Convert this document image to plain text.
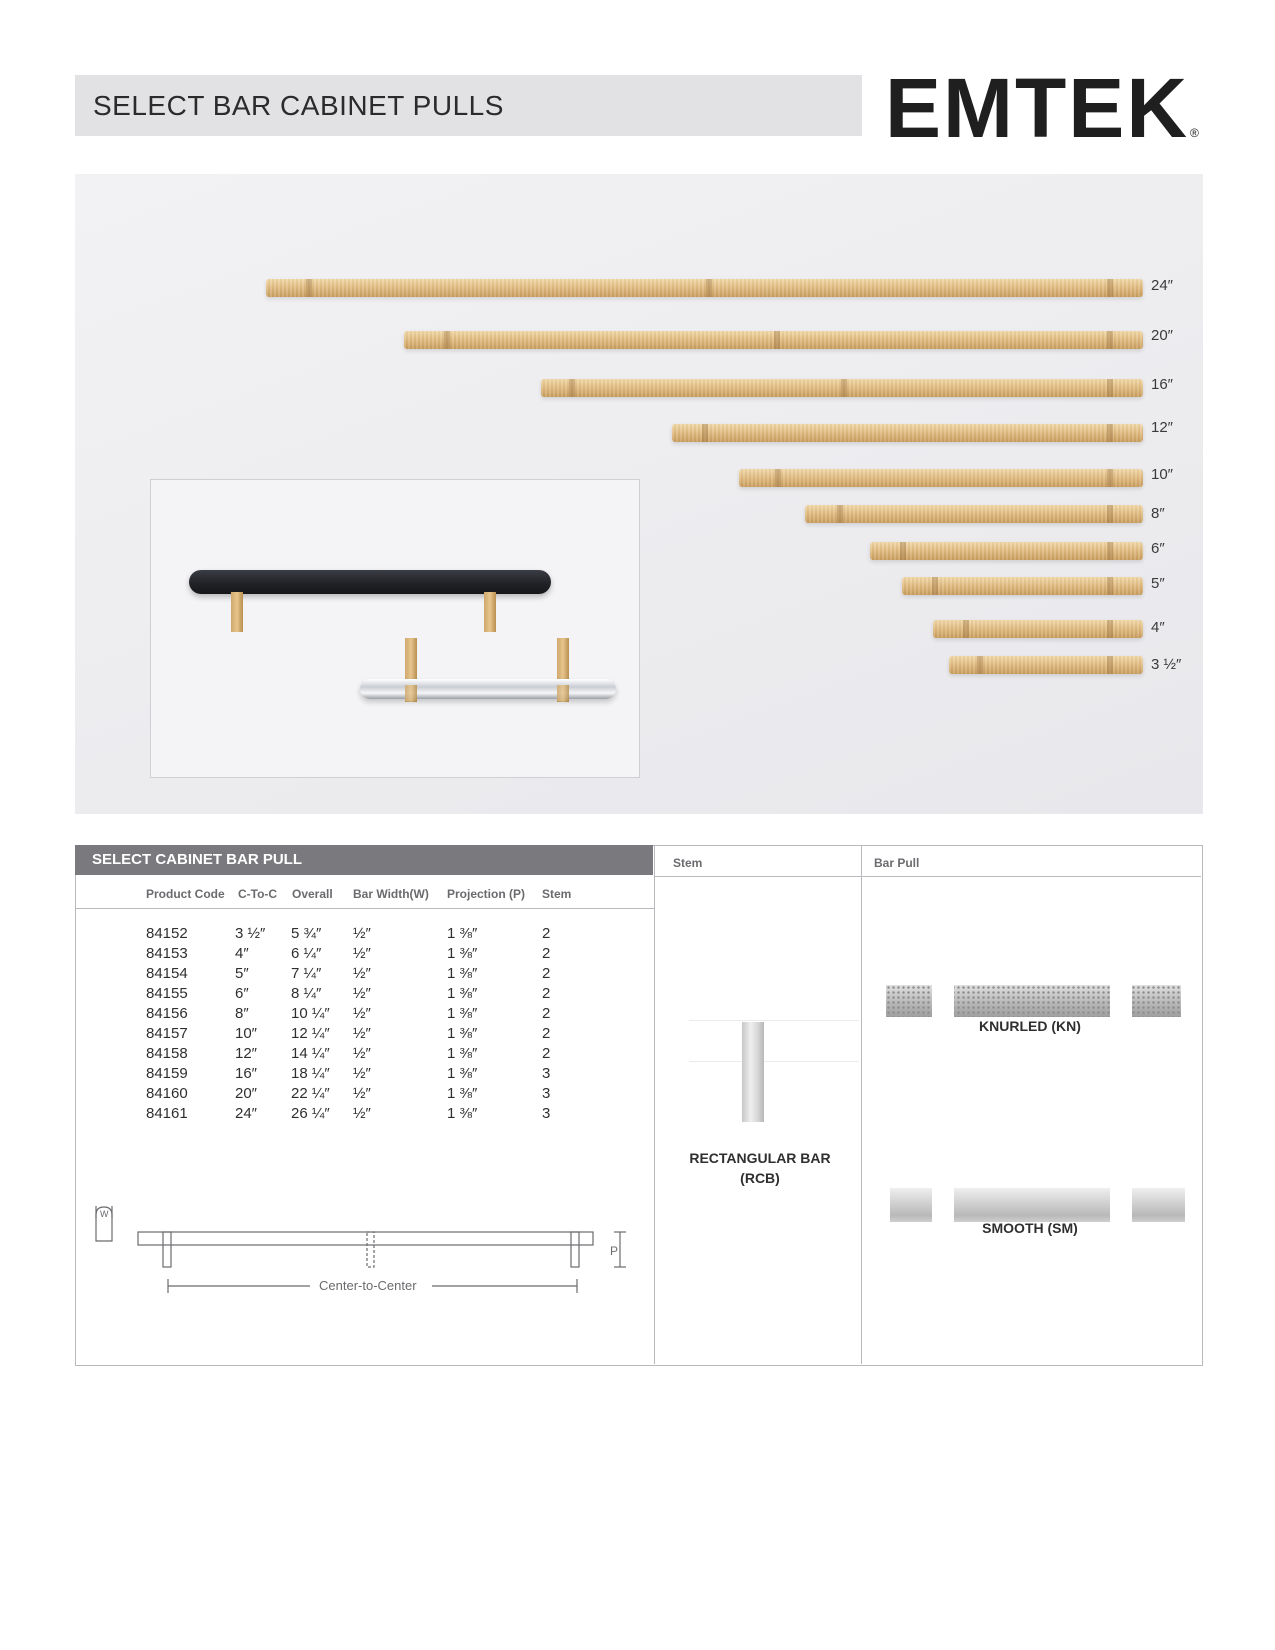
SELECT BAR CABINET PULLS	EMTEK ®
24″
20″
16″
12″
10″
8″
6″
5″
4″
3 ½″
SELECT CABINET BAR PULL	Stem	Bar Pull
Product Code C-To-C Overall Bar Width(W) Projection (P) Stem
84152	3 ½″ 5 ¾″ ½″	1 ⅜″	2
84153	4″	6 ¼″ ½″	1 ⅜″	2
84154	5″	7 ¼″ ½″	1 ⅜″	2
84155	6″	8 ¼″ ½″	1 ⅜″	2
84156	8″	10 ¼″ ½″	1 ⅜″	2
84157	10″ 12 ¼″ ½″	1 ⅜″	2
84158	12″ 14 ¼″ ½″	1 ⅜″	2
84159	16″ 18 ¼″ ½″	1 ⅜″	3
84160	20″ 22 ¼″ ½″	1 ⅜″	3
84161	24″ 26 ¼″ ½″	1 ⅜″	3
W
P
Center-to-Center
RECTANGULAR BAR
(RCB)
KNURLED (KN)
SMOOTH (SM)
